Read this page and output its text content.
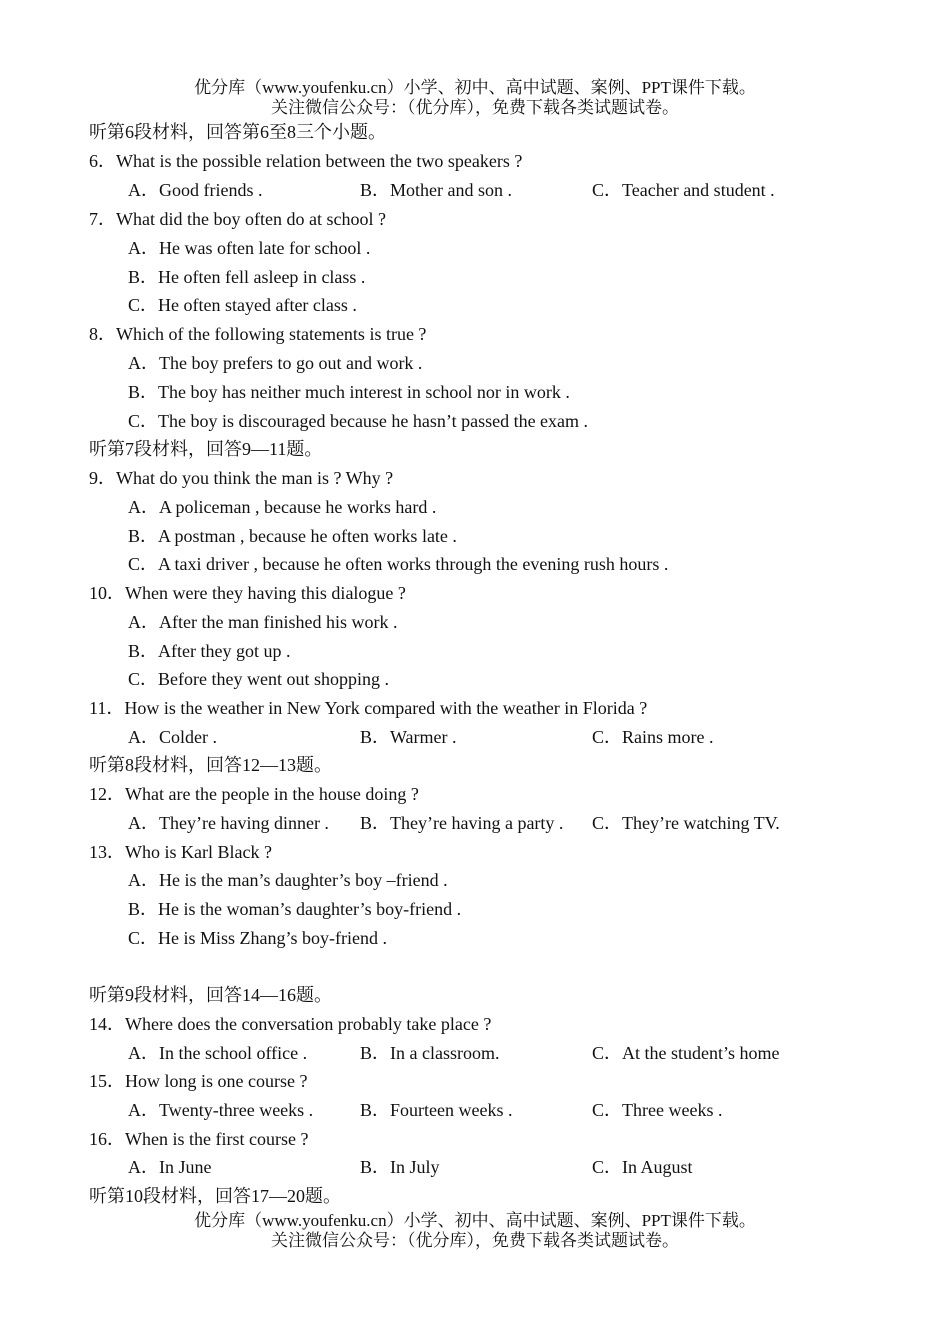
优分库（www.youfenku.cn）小学、初中、高中试题、案例、PPT课件下载。
关注微信公众号：（优分库），免费下载各类试题试卷。
听第6段材料，回答第6至8三个小题。
6．What is the possible relation between the two speakers ?
A．Good friends .	B．Mother and son .	C．Teacher and student .
7．What did the boy often do at school ?
A．He was often late for school .
B．He often fell asleep in class .
C．He often stayed after class .
8．Which of the following statements is true ?
A．The boy prefers to go out and work .
B．The boy has neither much interest in school nor in work .
C．The boy is discouraged because he hasn’t passed the exam .
听第7段材料，回答9—11题。
9．What do you think the man is ? Why ?
A．A policeman , because he works hard .
B．A postman , because he often works late .
C．A taxi driver , because he often works through the evening rush hours .
10．When were they having this dialogue ?
A．After the man finished his work .
B．After they got up .
C．Before they went out shopping .
11．How is the weather in New York compared with the weather in Florida ?
A．Colder .	B．Warmer .	C．Rains more .
听第8段材料，回答12—13题。
12．What are the people in the house doing ?
A．They’re having dinner . B．They’re having a party . C．They’re watching TV.
13．Who is Karl Black ?
A．He is the man’s daughter’s boy –friend .
B．He is the woman’s daughter’s boy-friend .
C．He is Miss Zhang’s boy-friend .
听第9段材料，回答14—16题。
14．Where does the conversation probably take place ?
A．In the school office .	B．In a classroom.	C．At the student’s home
15．How long is one course ?
A．Twenty-three weeks .	B．Fourteen weeks .	C．Three weeks .
16．When is the first course ?
A．In June	B．In July	C．In August
听第10段材料，回答17—20题。
优分库（www.youfenku.cn）小学、初中、高中试题、案例、PPT课件下载。
关注微信公众号：（优分库），免费下载各类试题试卷。
